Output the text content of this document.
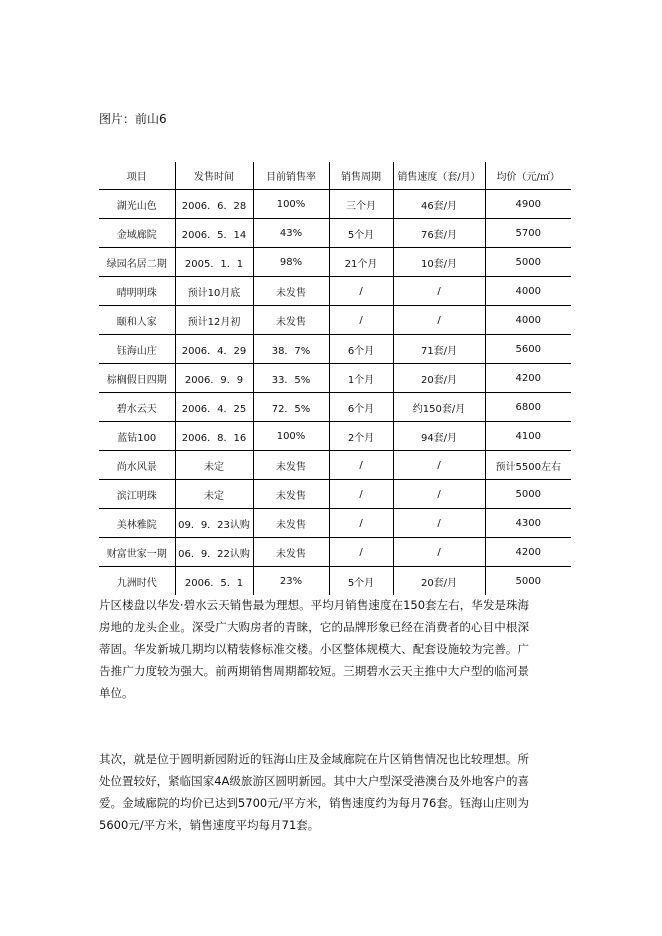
图片：前山6
项目	发售时间	目前销售率	销售周期	销售速度（套/月）	均价（元/㎡）
湖光山色	2006．6．28	100%	三个月	46套/月	4900
金域廊院	2006．5．14	43%	5个月	76套/月	5700
绿园名居二期	2005．1．1	98%	21个月	10套/月	5000
晴明明珠	预计10月底	未发售	/	/	4000
颐和人家	预计12月初	未发售	/	/	4000
钰海山庄	2006．4．29	38．7%	6个月	71套/月	5600
棕榈假日四期	2006．9．9	33．5%	1个月	20套/月	4200
碧水云天	2006．4．25	72．5%	6个月	约150套/月	6800
蓝钻100	2006．8．16	100%	2个月	94套/月	4100
尚水风景	未定	未发售	/	/	预计5500左右
滨江明珠	未定	未发售	/	/	5000
美林雅院	09．9．23认购	未发售	/	/	4300
财富世家一期	06．9．22认购	未发售	/	/	4200
九洲时代	2006．5．1	23%	5个月	20套/月	5000

片区楼盘以华发·碧水云天销售最为理想。平均月销售速度在150套左右，华发是珠海房地的龙头企业。深受广大购房者的青睐，它的品牌形象已经在消费者的心目中根深蒂固。华发新城几期均以精装修标准交楼。小区整体规模大、配套设施较为完善。广告推广力度较为强大。前两期销售周期都较短。三期碧水云天主推中大户型的临河景单位。

其次，就是位于圆明新园附近的钰海山庄及金域廊院在片区销售情况也比较理想。所处位置较好，紧临国家4A级旅游区圆明新园。其中大户型深受港澳台及外地客户的喜爱。金域廊院的均价已达到5700元/平方米，销售速度约为每月76套。钰海山庄则为5600元/平方米，销售速度平均每月71套。
